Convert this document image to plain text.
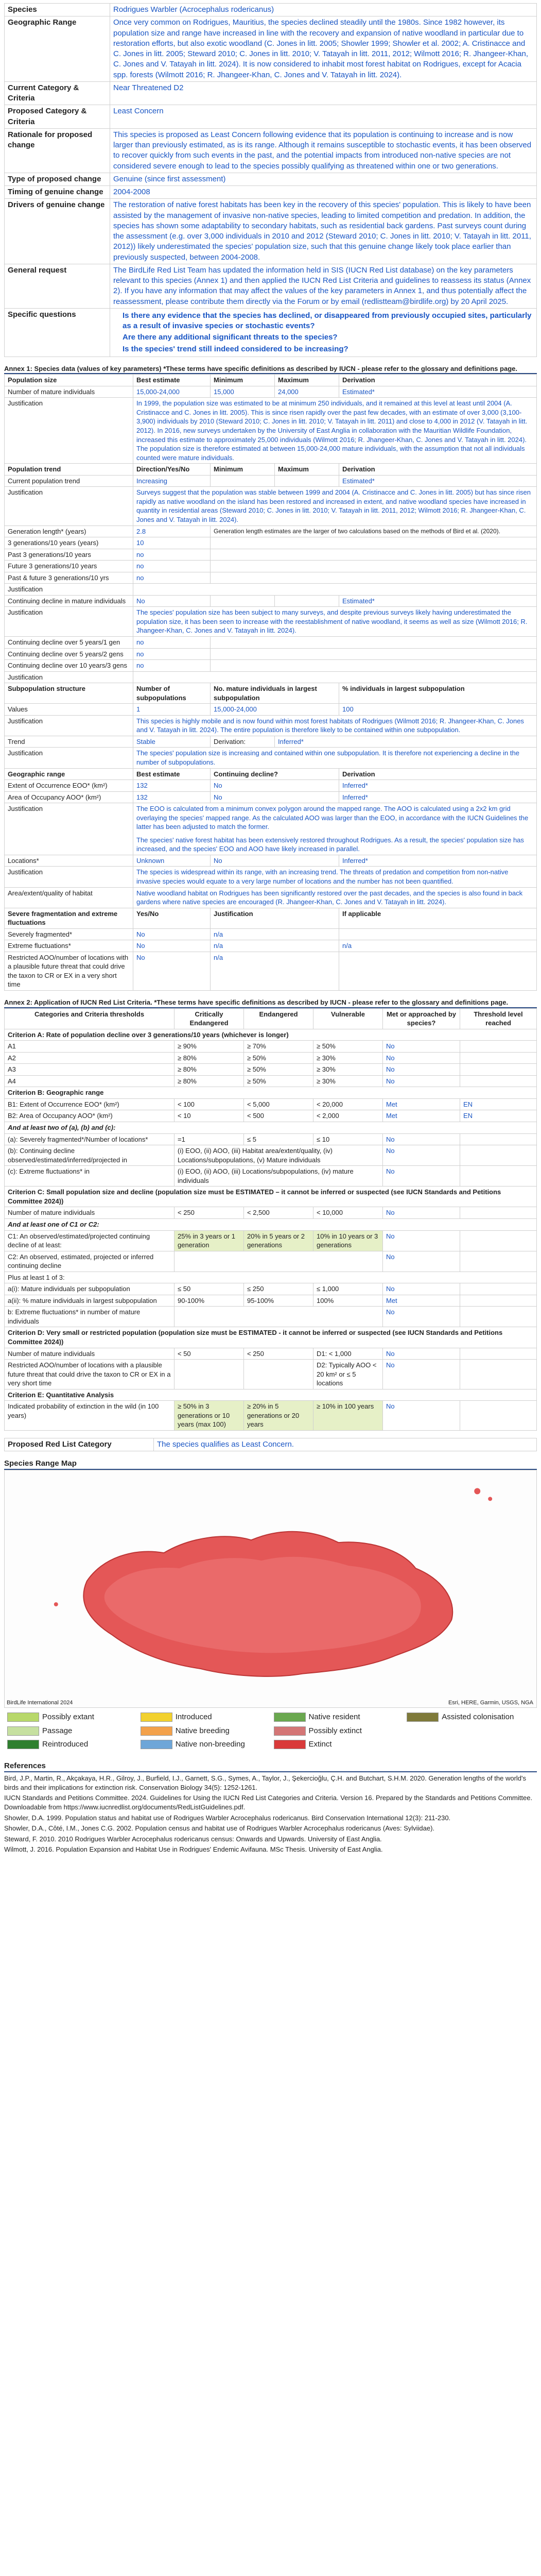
Species	Rodrigues Warbler (Acrocephalus rodericanus)
Geographic Range	Once very common on Rodrigues, Mauritius, the species declined steadily until the 1980s. Since 1982 however, its population size and range have increased in line with the recovery and expansion of native woodland in particular due to restoration efforts, but also exotic woodland (C. Jones in litt. 2005; Showler 1999; Showler et al. 2002; A. Cristinacce and C. Jones in litt. 2005; Steward 2010; C. Jones in litt. 2010; V. Tatayah in litt. 2011, 2012; Wilmott 2016; R. Jhangeer-Khan, C. Jones and V. Tatayah in litt. 2024). It is now considered to inhabit most forest habitat on Rodrigues, except for Acacia spp. forests (Wilmott 2016; R. Jhangeer-Khan, C. Jones and V. Tatayah in litt. 2024).
Current Category & Criteria	Near Threatened D2
Proposed Category & Criteria	Least Concern
Rationale for proposed change	This species is proposed as Least Concern following evidence that its population is continuing to increase and is now larger than previously estimated, as is its range. Although it remains susceptible to stochastic events, it has been observed to recover quickly from such events in the past, and the potential impacts from introduced non-native species are not considered severe enough to lead to the species possibly qualifying as threatened within one or two generations.
Type of proposed change	Genuine (since first assessment)
Timing of genuine change	2004-2008
Drivers of genuine change	The restoration of native forest habitats has been key in the recovery of this species' population. This is likely to have been assisted by the management of invasive non-native species, leading to limited competition and predation. In addition, the species has shown some adaptability to secondary habitats, such as residential back gardens. Past surveys count during the assessment (e.g. over 3,000 individuals in 2010 and 2012 (Steward 2010; C. Jones in litt. 2010; V. Tatayah in litt. 2011, 2012)) likely underestimated the species' population size, such that this genuine change likely took place earlier than previously suspected, between 2004-2008.
General request	The BirdLife Red List Team has updated the information held in SIS (IUCN Red List database) on the key parameters relevant to this species (Annex 1) and then applied the IUCN Red List Criteria and guidelines to reassess its status (Annex 2). If you have any information that may affect the values of the key parameters in Annex 1, and thus potentially affect the reassessment, please contribute them directly via the Forum or by email (redlistteam@birdlife.org) by 20 April 2025.
Specific questions	Is there any evidence that the species has declined, or disappeared from previously occupied sites, particularly as a result of invasive species or stochastic events?
Are there any additional significant threats to the species?
Is the species' trend still indeed considered to be increasing?
Annex 1: Species data (values of key parameters) *These terms have specific definitions as described by IUCN - please refer to the glossary and definitions page.
Population size	Best estimate	Minimum	Maximum	Derivation
Number of mature individuals	15,000-24,000	15,000	24,000	Estimated*
Justification	In 1999, the population size was estimated to be at minimum 250 individuals, and it remained at this level at least until 2004 (A. Cristinacce and C. Jones in litt. 2005). This is since risen rapidly over the past few decades, with an estimate of over 3,000 (3,100-3,900) individuals by 2010 (Steward 2010; C. Jones in litt. 2010; V. Tatayah in litt. 2011) and close to 4,000 in 2012 (V. Tatayah in litt. 2012). In 2016, new surveys undertaken by the University of East Anglia in collaboration with the Mauritian Wildlife Foundation, increased this estimate to approximately 25,000 individuals (Wilmott 2016; R. Jhangeer-Khan, C. Jones and V. Tatayah in litt. 2024). The population size is therefore estimated at between 15,000-24,000 mature individuals, with the assumption that not all individuals counted were mature individuals.			
Population trend	Direction/Yes/No	Minimum	Maximum	Derivation
Current population trend	Increasing			Estimated*
Justification	Surveys suggest that the population was stable between 1999 and 2004 (A. Cristinacce and C. Jones in litt. 2005) but has since risen rapidly as native woodland on the island has been restored and increased in extent, and native woodland species have increased in quantity in residential areas (Steward 2010; C. Jones in litt. 2010; V. Tatayah in litt. 2011, 2012; Wilmott 2016; R. Jhangeer-Khan, C. Jones and V. Tatayah in litt. 2024).			
Generation length* (years)	2.8	Generation length estimates are the larger of two calculations based on the methods of Bird et al. (2020).		
3 generations/10 years (years)	10			
Past 3 generations/10 years	no			
Future 3 generations/10 years	no			
Past & future 3 generations/10 yrs	no			
Justification				
Continuing decline in mature individuals	No			Estimated*
Justification	The species' population size has been subject to many surveys, and despite previous surveys likely having underestimated the population size, it has been seen to increase with the reestablishment of native woodland, it seems as well as size (Wilmott 2016; R. Jhangeer-Khan, C. Jones and V. Tatayah in litt. 2024).			
Continuing decline over 5 years/1 gen	no			
Continuing decline over 5 years/2 gens	no			
Continuing decline over 10 years/3 gens	no			
Justification				
Subpopulation structure	Number of subpopulations	No. mature individuals in largest subpopulation		% individuals in largest subpopulation
Values	1	15,000-24,000		100
Justification	This species is highly mobile and is now found within most forest habitats of Rodrigues (Wilmott 2016; R. Jhangeer-Khan, C. Jones and V. Tatayah in litt. 2024). The entire population is therefore likely to be contained within one subpopulation.			
Trend	Stable	Derivation:	Inferred*	
Justification	The species' population size is increasing and contained within one subpopulation. It is therefore not experiencing a decline in the number of subpopulations.			
Geographic range	Best estimate	Continuing decline?		Derivation
Extent of Occurrence EOO* (km²)	132	No		Inferred*
Area of Occupancy AOO* (km²)	132	No		Inferred*
Justification	The EOO is calculated from a minimum convex polygon around the mapped range. The AOO is calculated using a 2x2 km grid overlaying the species' mapped range. As the calculated AOO was larger than the EOO, in accordance with the IUCN Guidelines the latter has been adjusted to match the former.
The species' native forest habitat has been extensively restored throughout Rodrigues. As a result, the species' population size has increased, and the species' EOO and AOO have likely increased in parallel.			

Locations*	Unknown	No		Inferred*
Justification	The species is widespread within its range, with an increasing trend. The threats of predation and competition from non-native invasive species would equate to a very large number of locations and the number has not been quantified.			
Area/extent/quality of habitat	Native woodland habitat on Rodrigues has been significantly restored over the past decades, and the species is also found in back gardens where native species are encouraged (R. Jhangeer-Khan, C. Jones and V. Tatayah in litt. 2024).			
Severe fragmentation and extreme fluctuations	Yes/No	Justification		If applicable
Severely fragmented*	No	n/a		
Extreme fluctuations*	No	n/a		n/a
Restricted AOO/number of locations with a plausible future threat that could drive the taxon to CR or EX in a very short time	No	n/a		
Annex 2: Application of IUCN Red List Criteria. *These terms have specific definitions as described by IUCN - please refer to the glossary and definitions page.
Categories and Criteria thresholds	Critically Endangered	Endangered	Vulnerable	Met or approached by species?	Threshold level reached
Criterion A: Rate of population decline over 3 generations/10 years (whichever is longer)					
A1	≥ 90%	≥ 70%	≥ 50%	No	
A2	≥ 80%	≥ 50%	≥ 30%	No	
A3	≥ 80%	≥ 50%	≥ 30%	No	
A4	≥ 80%	≥ 50%	≥ 30%	No	
Criterion B: Geographic range					
B1: Extent of Occurrence EOO* (km²)	< 100	< 5,000	< 20,000	Met	EN
B2: Area of Occupancy AOO* (km²)	< 10	< 500	< 2,000	Met	EN
And at least two of (a), (b) and (c):					
(a): Severely fragmented*/Number of locations*	=1	≤ 5	≤ 10	No	
(b): Continuing decline observed/estimated/inferred/projected in	(i) EOO, (ii) AOO, (iii) Habitat area/extent/quality, (iv) Locations/subpopulations, (v) Mature individuals			No	
(c): Extreme fluctuations* in	(i) EOO, (ii) AOO, (iii) Locations/subpopulations, (iv) mature individuals			No	
Criterion C: Small population size and decline (population size must be ESTIMATED – it cannot be inferred or suspected (see IUCN Standards and Petitions Committee 2024))					
Number of mature individuals	< 250	< 2,500	< 10,000	No	
And at least one of C1 or C2:					
C1: An observed/estimated/projected continuing decline of at least:	25% in 3 years or 1 generation	20% in 5 years or 2 generations	10% in 10 years or 3 generations	No	
C2: An observed, estimated, projected or inferred continuing decline				No	
Plus at least 1 of 3:					
a(i): Mature individuals per subpopulation	≤ 50	≤ 250	≤ 1,000	No	
a(ii): % mature individuals in largest subpopulation	90-100%	95-100%	100%	Met	
b: Extreme fluctuations* in number of mature individuals				No	
Criterion D: Very small or restricted population (population size must be ESTIMATED - it cannot be inferred or suspected (see IUCN Standards and Petitions Committee 2024))					
Number of mature individuals	< 50	< 250	D1: < 1,000	No	
Restricted AOO/number of locations with a plausible future threat that could drive the taxon to CR or EX in a very short time			D2: Typically AOO < 20 km² or ≤ 5 locations	No	
Criterion E: Quantitative Analysis					
Indicated probability of extinction in the wild (in 100 years)	≥ 50% in 3 generations or 10 years (max 100)	≥ 20% in 5 generations or 20 years	≥ 10% in 100 years	No	
Proposed Red List Category	The species qualifies as Least Concern.
Species Range Map
BirdLife International 2024	Esri, HERE, Garmin, USGS, NGA
Possibly extant	Introduced	Native resident	Assisted colonisation
Passage	Native breeding	Possibly extinct
Reintroduced	Native non-breeding	Extinct
References
Bird, J.P., Martin, R., Akçakaya, H.R., Gilroy, J., Burfield, I.J., Garnett, S.G., Symes, A., Taylor, J., Şekercioğlu, Ç.H. and Butchart, S.H.M. 2020. Generation lengths of the world's birds and their implications for extinction risk. Conservation Biology 34(5): 1252-1261.
IUCN Standards and Petitions Committee. 2024. Guidelines for Using the IUCN Red List Categories and Criteria. Version 16. Prepared by the Standards and Petitions Committee. Downloadable from https://www.iucnredlist.org/documents/RedListGuidelines.pdf.
Showler, D.A. 1999. Population status and habitat use of Rodrigues Warbler Acrocephalus rodericanus. Bird Conservation International 12(3): 211-230.
Showler, D.A., Côté, I.M., Jones C.G. 2002. Population census and habitat use of Rodrigues Warbler Acrocephalus rodericanus (Aves: Sylviidae).
Steward, F. 2010. 2010 Rodrigues Warbler Acrocephalus rodericanus census: Onwards and Upwards. University of East Anglia.
Wilmott, J. 2016. Population Expansion and Habitat Use in Rodrigues' Endemic Avifauna. MSc Thesis. University of East Anglia.
